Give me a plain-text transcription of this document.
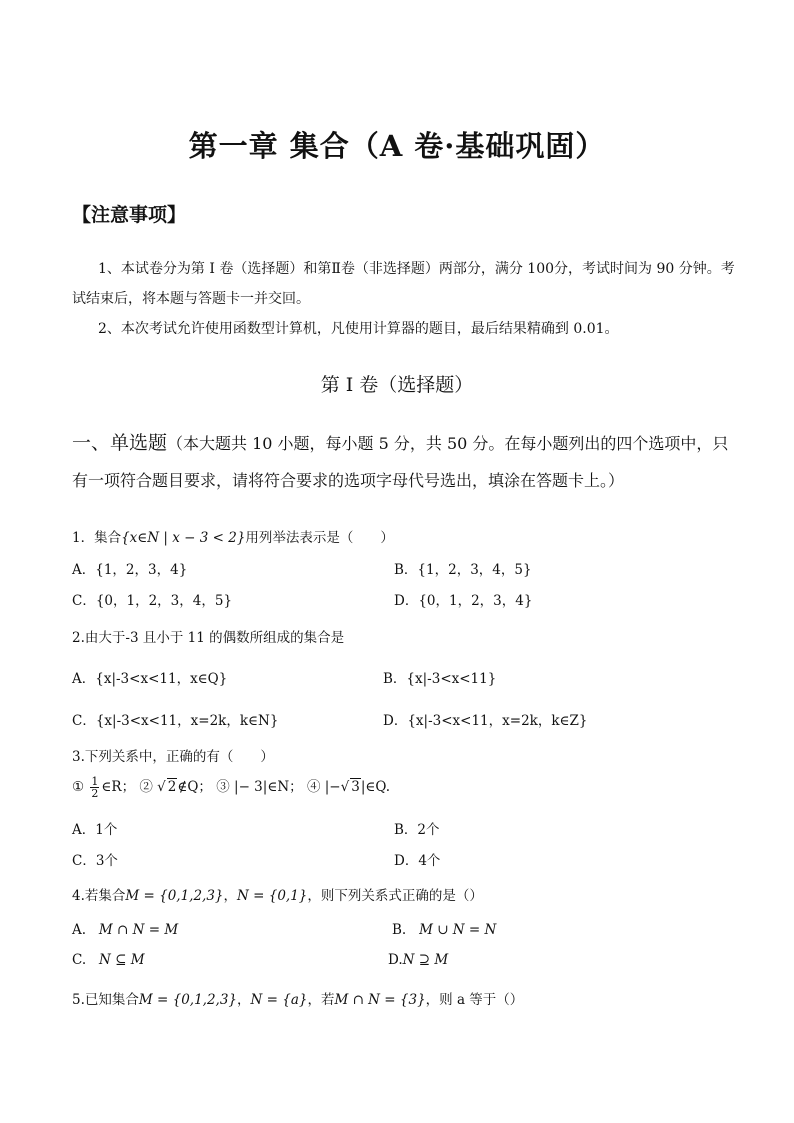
第一章 集合（A 卷·基础巩固）
【注意事项】
1、本试卷分为第 I 卷（选择题）和第Ⅱ卷（非选择题）两部分，满分 100分，考试时间为 90 分钟。考
试结束后，将本题与答题卡一并交回。
2、本次考试允许使用函数型计算机，凡使用计算器的题目，最后结果精确到 0.01。
第 I 卷（选择题）
一、单选题（本大题共 10 小题，每小题 5 分，共 50 分。在每小题列出的四个选项中，只
有一项符合题目要求，请将符合要求的选项字母代号选出，填涂在答题卡上。）
1．集合{x∈N | x − 3 < 2}用列举法表示是（　　）
A．{1，2，3，4}	B．{1，2，3，4，5}
C．{0，1，2，3，4，5}	D．{0，1，2，3，4}
2.由大于-3 且小于 11 的偶数所组成的集合是
A．{x|-3<x<11，x∈Q}	B．{x|-3<x<11}
C．{x|-3<x<11，x=2k，k∈N}	D．{x|-3<x<11，x=2k，k∈Z}
3.下列关系中，正确的有（　　）
① $\frac{1}{2}$ ∈R； ② √ 2∉Q； ③ |− 3|∈N； ④ |−√ 3|∈Q.
A．1个	B．2个
C．3个	D．4个
4.若集合M = {0,1,2,3}，N = {0,1}，则下列关系式正确的是（）
A. M ∩ N = M	B. M ∪ N = N
C. N ⊆ M	D.N ⊇ M
5.已知集合M = {0,1,2,3}，N = {a}，若M ∩ N = {3}，则 a 等于（）
